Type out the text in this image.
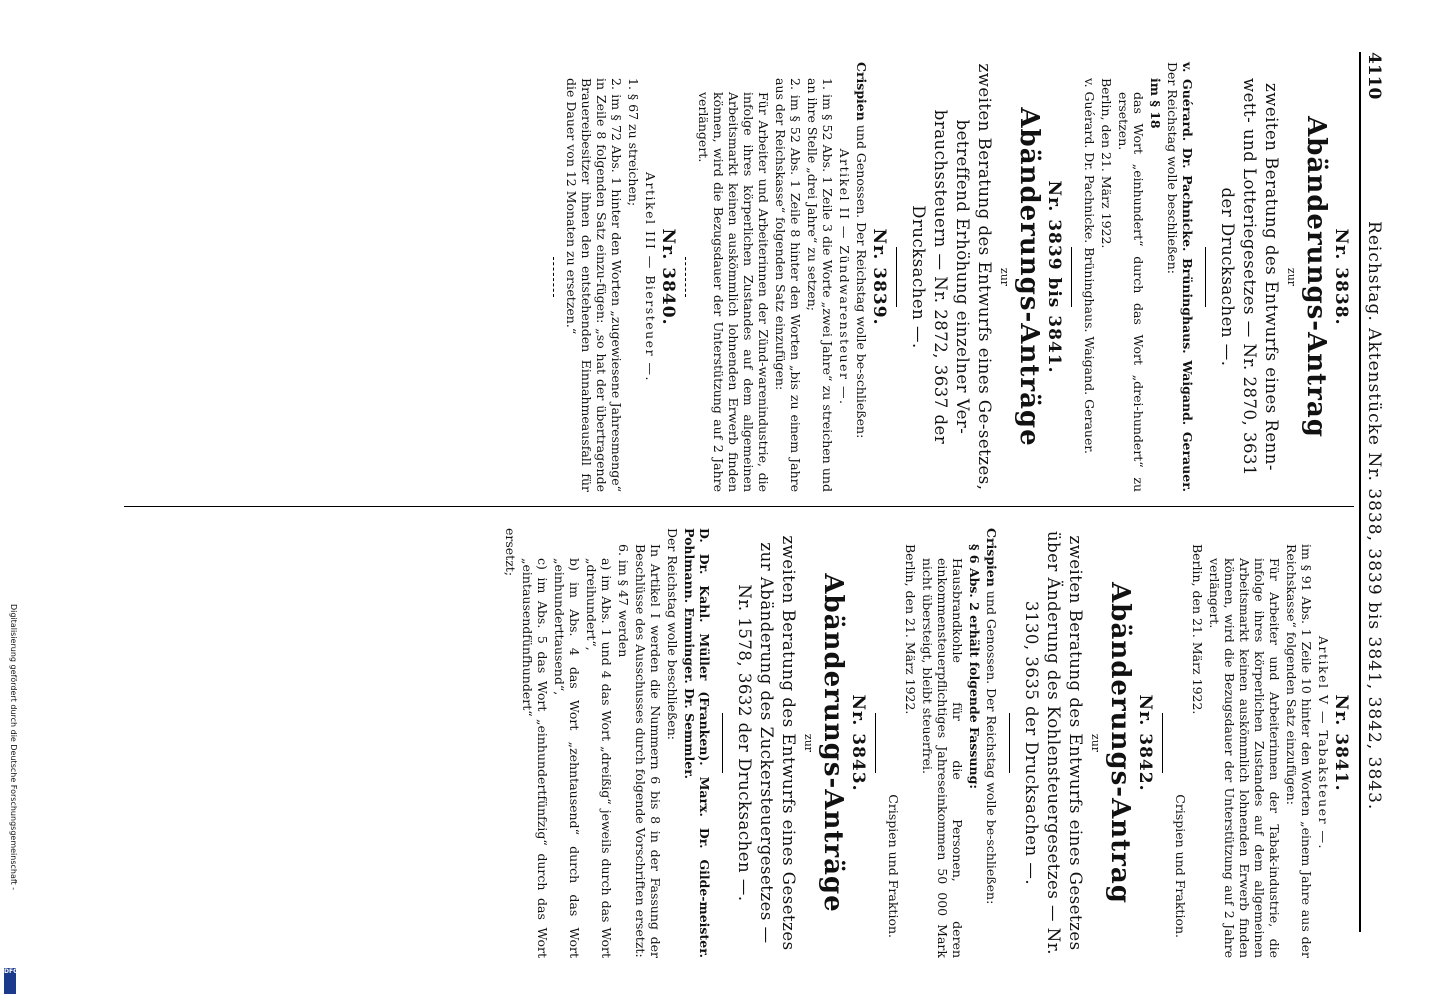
4110
Reichstag. Aktenstücke Nr. 3838, 3839 bis 3841, 3842, 3843.
Nr. 3838.
Abänderungs-Antrag
zur
zweiten Beratung des Entwurfs eines Renn-wett- und Lotteriegesetzes — Nr. 2870, 3631 der Drucksachen —.

v. Guérard. Dr. Pachnicke. Brüninghaus. Waigand. Gerauer. Der Reichstag wolle beschließen:

im § 18

das Wort „einhundert“ durch das Wort „drei-hundert“ zu ersetzen.

Berlin, den 21. März 1922.

v. Guérard. Dr. Pachnicke. Brüninghaus. Waigand. Gerauer.

Nr. 3839 bis 3841.
Abänderungs-Anträge
zur
zweiten Beratung des Entwurfs eines Ge-setzes, betreffend Erhöhung einzelner Ver-brauchssteuern — Nr. 2872, 3637 der Drucksachen —.
Nr. 3839.

Crispien und Genossen. Der Reichstag wolle be-schließen:

Artikel II — Zündwarensteuer —.

1. im § 52 Abs. 1 Zeile 3 die Worte „zwei Jahre“ zu streichen und an ihre Stelle „drei Jahre“ zu setzen;

2. im § 52 Abs. 1 Zeile 8 hinter den Worten „bis zu einem Jahre aus der Reichskasse“ folgenden Satz einzufügen:

Für Arbeiter und Arbeiterinnen der Zünd-warenindustrie, die infolge ihres körperlichen Zustandes auf dem allgemeinen Arbeitsmarkt keinen auskömmlich lohnenden Erwerb finden können, wird die Bezugsdauer der Unterstützung auf 2 Jahre verlängert.

Nr. 3840.

Artikel III — Biersteuer —.

1. § 67 zu streichen;

2. im § 72 Abs. 1 hinter den Worten „zugewiesene Jahresmenge“ in Zeile 8 folgenden Satz einzu-fügen: „so hat der übertragende Brauereibesitzer ihnen den entstehenden Einnahmeausfall für die Dauer von 12 Monaten zu ersetzen.“

Nr. 3841.

Artikel V — Tabaksteuer —.

im § 91 Abs. 1 Zeile 10 hinter den Worten „einem Jahre aus der Reichskasse“ folgenden Satz einzufügen:

Für Arbeiter und Arbeiterinnen der Tabak-industrie, die infolge ihres körperlichen Zustandes auf dem allgemeinen Arbeitsmarkt keinen auskömmlich lohnenden Erwerb finden können, wird die Bezugsdauer der Unterstützung auf 2 Jahre verlängert.

Berlin, den 21. März 1922.

Crispien und Fraktion.

Nr. 3842.
Abänderungs-Antrag
zur
zweiten Beratung des Entwurfs eines Gesetzes über Änderung des Kohlensteuergesetzes — Nr. 3130, 3635 der Drucksachen —.

Crispien und Genossen. Der Reichstag wolle be-schließen:

§ 6 Abs. 2 erhält folgende Fassung:

Hausbrandkohle für die Personen, deren einkommensteuerpflichtiges Jahreseinkommen 50 000 Mark nicht übersteigt, bleibt steuerfrei.

Berlin, den 21. März 1922.

Crispien und Fraktion.

Nr. 3843.
Abänderungs-Anträge
zur
zweiten Beratung des Entwurfs eines Gesetzes zur Abänderung des Zuckersteuergesetzes — Nr. 1578, 3632 der Drucksachen —.

D. Dr. Kahl. Müller (Franken). Marx. Dr. Gilde-meister. Pohlmann. Emminger. Dr. Semmler.

Der Reichstag wolle beschließen:

In Artikel I werden die Nummern 6 bis 8 in der Fassung der Beschlüsse des Ausschusses durch folgende Vorschriften ersetzt:

6. im § 47 werden

a) im Abs. 1 und 4 das Wort „dreißig“ jeweils durch das Wort „dreihundert“,

b) im Abs. 4 das Wort „zehntausend“ durch das Wort „einhunderttausend“,

c) im Abs. 5 das Wort „einhundertfünfzig“ durch das Wort „eintausendfünfhundert“

ersetzt;

Digitalisierung gefördert durch die Deutsche Forschungsgemeinschaft -
DFG
